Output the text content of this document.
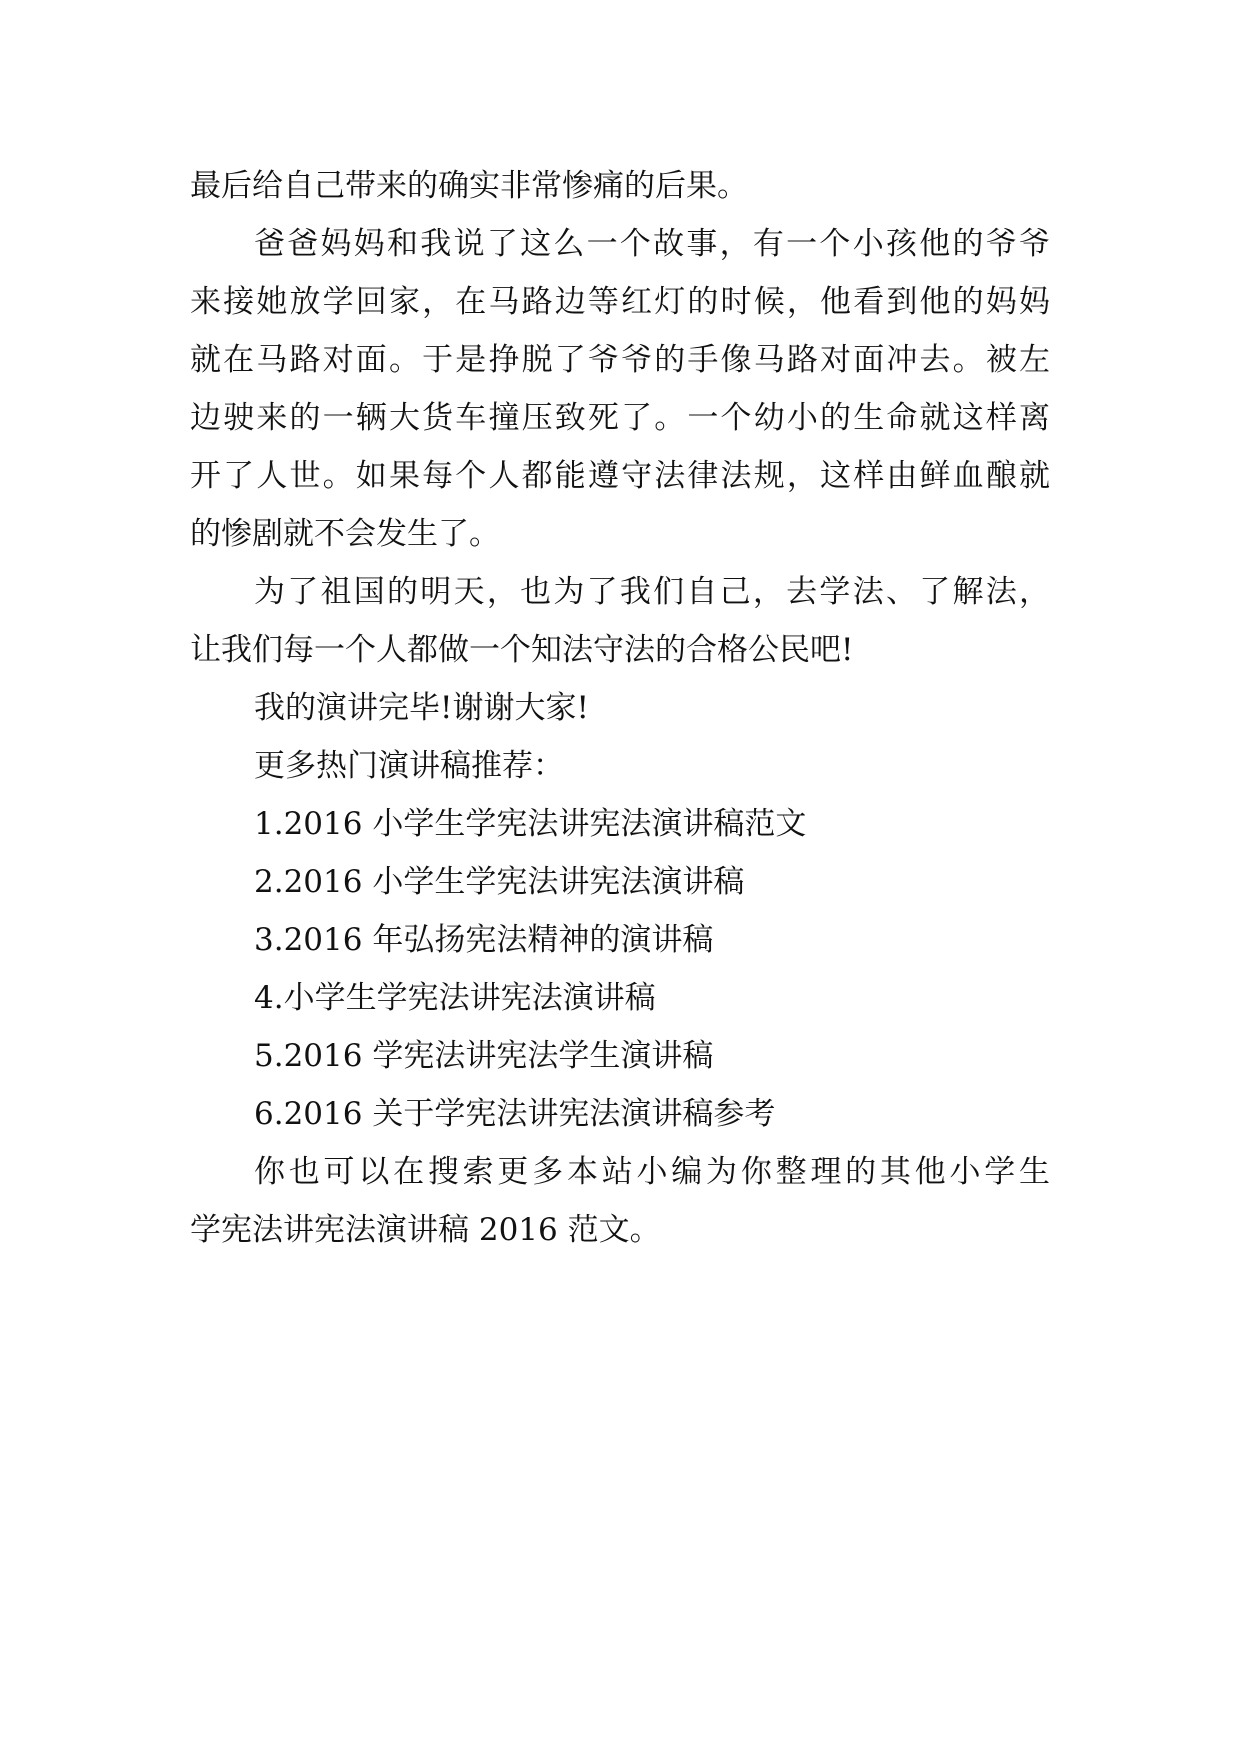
最后给自己带来的确实非常惨痛的后果。
爸爸妈妈和我说了这么一个故事，有一个小孩他的爷爷
来接她放学回家，在马路边等红灯的时候，他看到他的妈妈
就在马路对面。于是挣脱了爷爷的手像马路对面冲去。被左
边驶来的一辆大货车撞压致死了。一个幼小的生命就这样离
开了人世。如果每个人都能遵守法律法规，这样由鲜血酿就
的惨剧就不会发生了。
为了祖国的明天，也为了我们自己，去学法、了解法，
让我们每一个人都做一个知法守法的合格公民吧!
我的演讲完毕!谢谢大家!
更多热门演讲稿推荐：
1.2016 小学生学宪法讲宪法演讲稿范文
2.2016 小学生学宪法讲宪法演讲稿
3.2016 年弘扬宪法精神的演讲稿
4.小学生学宪法讲宪法演讲稿
5.2016 学宪法讲宪法学生演讲稿
6.2016 关于学宪法讲宪法演讲稿参考
你也可以在搜索更多本站小编为你整理的其他小学生
学宪法讲宪法演讲稿 2016 范文。
